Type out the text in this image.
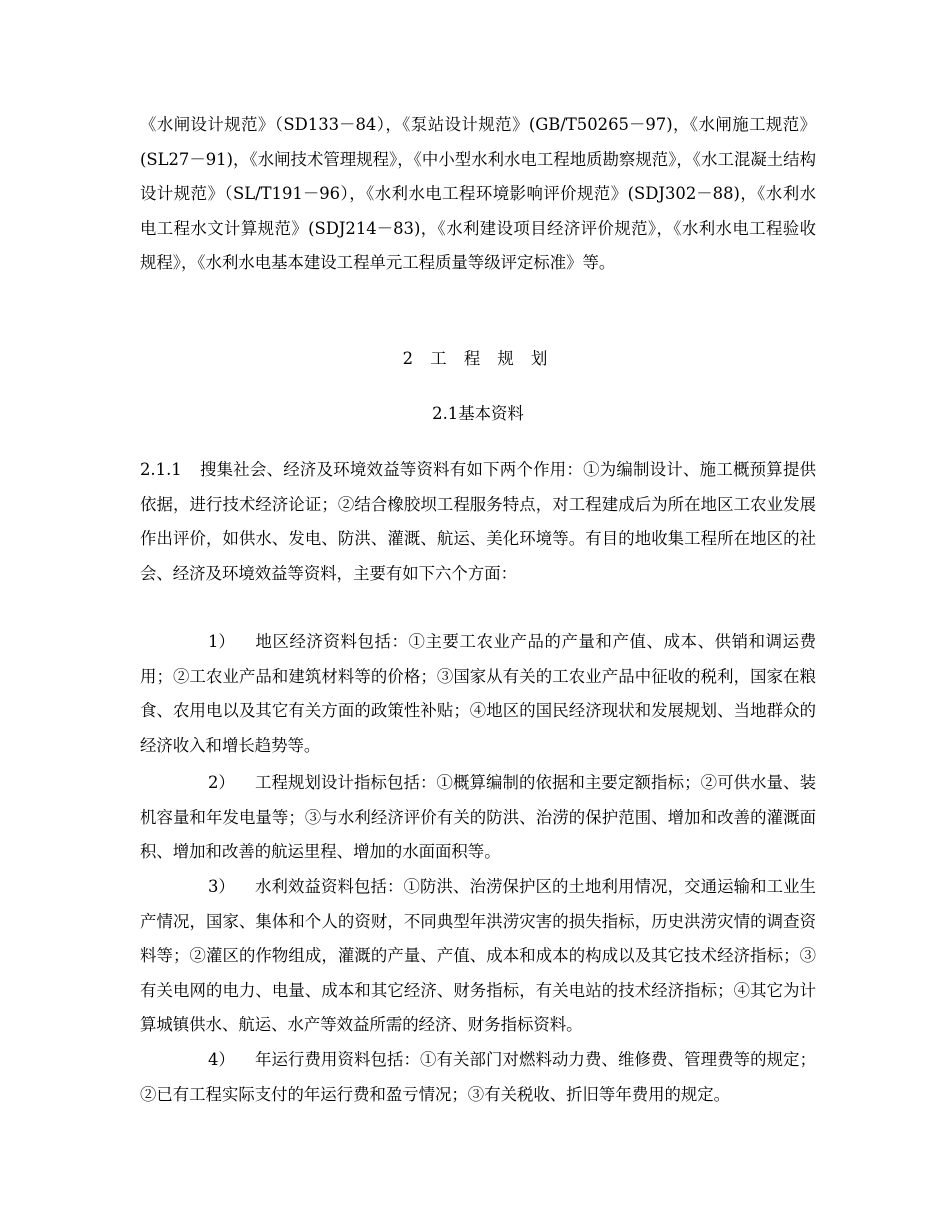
《水闸设计规范》（SD133－84），《泵站设计规范》(GB/T50265－97)，《水闸施工规范》(SL27－91)，《水闸技术管理规程》，《中小型水利水电工程地质勘察规范》，《水工混凝土结构设计规范》（SL/T191－96），《水利水电工程环境影响评价规范》(SDJ302－88)，《水利水电工程水文计算规范》(SDJ214－83)，《水利建设项目经济评价规范》，《水利水电工程验收规程》，《水利水电基本建设工程单元工程质量等级评定标准》等。

2 工 程 规 划

2.1基本资料

2.1.1 搜集社会、经济及环境效益等资料有如下两个作用：①为编制设计、施工概预算提供依据，进行技术经济论证；②结合橡胶坝工程服务特点，对工程建成后为所在地区工农业发展作出评价，如供水、发电、防洪、灌溉、航运、美化环境等。有目的地收集工程所在地区的社会、经济及环境效益等资料，主要有如下六个方面：

1） 地区经济资料包括：①主要工农业产品的产量和产值、成本、供销和调运费用；②工农业产品和建筑材料等的价格；③国家从有关的工农业产品中征收的税利，国家在粮食、农用电以及其它有关方面的政策性补贴；④地区的国民经济现状和发展规划、当地群众的经济收入和增长趋势等。

2） 工程规划设计指标包括：①概算编制的依据和主要定额指标；②可供水量、装机容量和年发电量等；③与水利经济评价有关的防洪、治涝的保护范围、增加和改善的灌溉面积、增加和改善的航运里程、增加的水面面积等。

3） 水利效益资料包括：①防洪、治涝保护区的土地利用情况，交通运输和工业生产情况，国家、集体和个人的资财，不同典型年洪涝灾害的损失指标，历史洪涝灾情的调查资料等；②灌区的作物组成，灌溉的产量、产值、成本和成本的构成以及其它技术经济指标；③有关电网的电力、电量、成本和其它经济、财务指标，有关电站的技术经济指标；④其它为计算城镇供水、航运、水产等效益所需的经济、财务指标资料。

4） 年运行费用资料包括：①有关部门对燃料动力费、维修费、管理费等的规定；②已有工程实际支付的年运行费和盈亏情况；③有关税收、折旧等年费用的规定。
